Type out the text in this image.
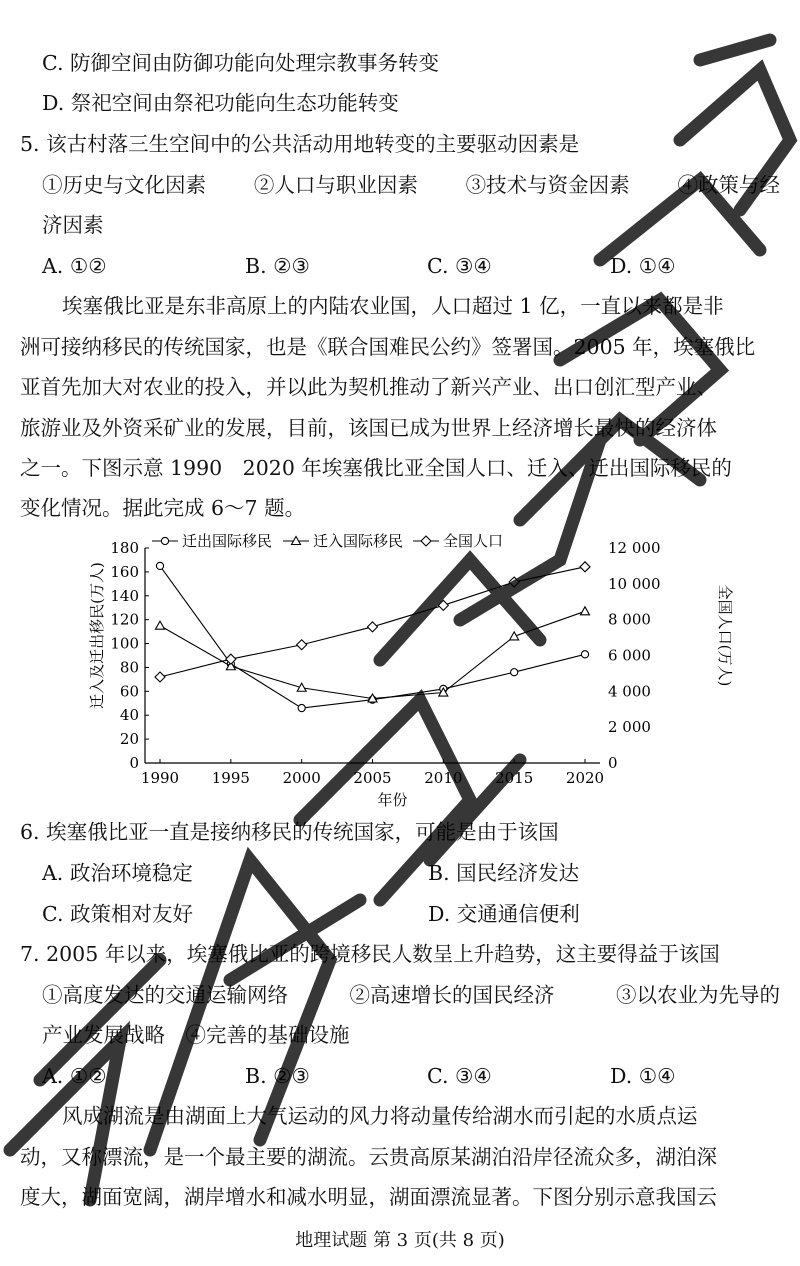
C. 防御空间由防御功能向处理宗教事务转变
D. 祭祀空间由祭祀功能向生态功能转变
5. 该古村落三生空间中的公共活动用地转变的主要驱动因素是
①历史与文化因素 ②人口与职业因素 ③技术与资金因素 ④政策与经
济因素
A. ①②	B. ②③	C. ③④	D. ①④
埃塞俄比亚是东非高原上的内陆农业国，人口超过 1 亿，一直以来都是非
洲可接纳移民的传统国家，也是《联合国难民公约》签署国。2005 年，埃塞俄比
亚首先加大对农业的投入，并以此为契机推动了新兴产业、出口创汇型产业、
旅游业及外资采矿业的发展，目前，该国已成为世界上经济增长最快的经济体
之一。下图示意 1990　2020 年埃塞俄比亚全国人口、迁入、迁出国际移民的
变化情况。据此完成 6～7 题。
0
20
40
60
80
100
120
140
160
180
0
2 000
4 000
6 000
8 000
10 000
12 000
1990 1995 2000 2005 2010 2015 2020
年份
迁入及迁出移民(万人)	全国人口(万人)
迁出国际移民	迁入国际移民	全国人口
6. 埃塞俄比亚一直是接纳移民的传统国家，可能是由于该国
A. 政治环境稳定	B. 国民经济发达
C. 政策相对友好	D. 交通通信便利
7. 2005 年以来，埃塞俄比亚的跨境移民人数呈上升趋势，这主要得益于该国
①高度发达的交通运输网络	②高速增长的国民经济	③以农业为先导的
产业发展战略　④完善的基础设施
A. ①②	B. ②③	C. ③④	D. ①④
风成湖流是由湖面上大气运动的风力将动量传给湖水而引起的水质点运
动，又称漂流，是一个最主要的湖流。云贵高原某湖泊沿岸径流众多，湖泊深
度大，湖面宽阔，湖岸增水和减水明显，湖面漂流显著。下图分别示意我国云
地理试题 第 3 页(共 8 页)
